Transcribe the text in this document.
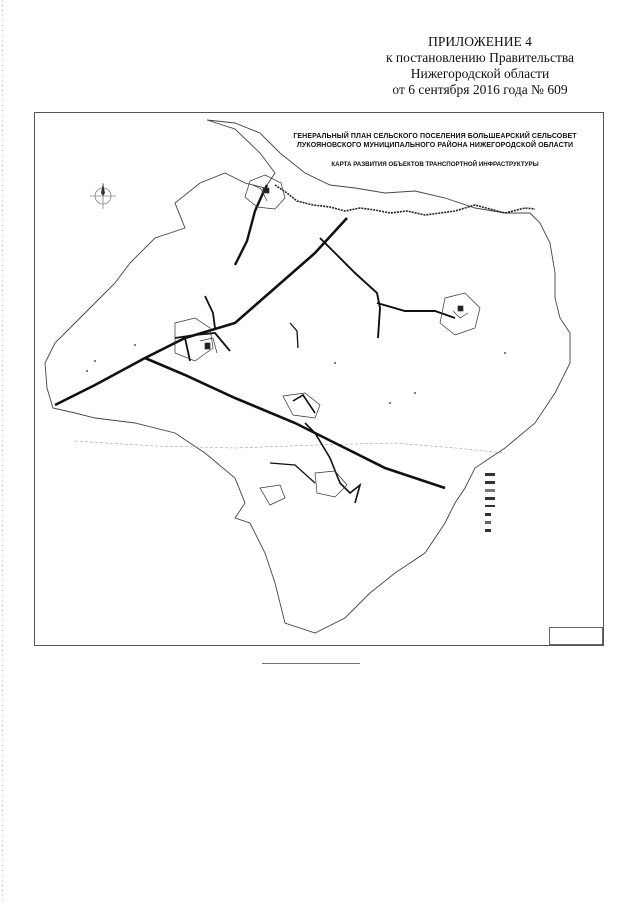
ПРИЛОЖЕНИЕ 4
к постановлению Правительства
Нижегородской области
от 6 сентября 2016 года № 609
ГЕНЕРАЛЬНЫЙ ПЛАН СЕЛЬСКОГО ПОСЕЛЕНИЯ БОЛЬШЕАРСКИЙ СЕЛЬСОВЕТ
ЛУКОЯНОВСКОГО МУНИЦИПАЛЬНОГО РАЙОНА НИЖЕГОРОДСКОЙ ОБЛАСТИ
КАРТА РАЗВИТИЯ ОБЪЕКТОВ ТРАНСПОРТНОЙ ИНФРАСТРУКТУРЫ
